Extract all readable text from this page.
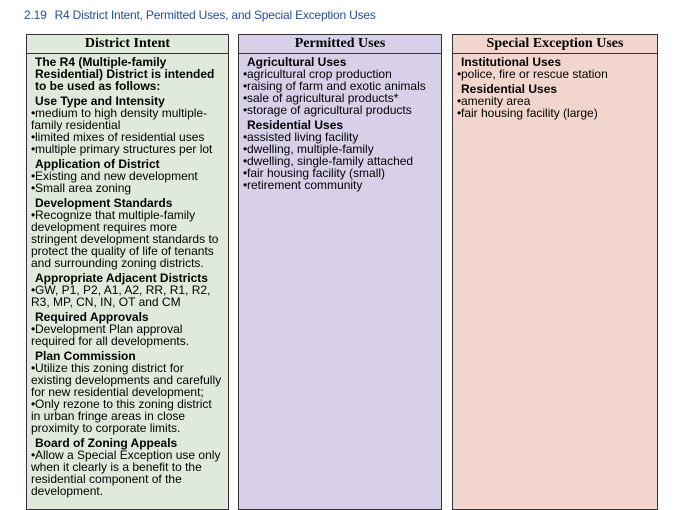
2.19 R4 District Intent, Permitted Uses, and Special Exception Uses
District Intent
The R4 (Multiple-family Residential) District is intended to be used as follows:
Use Type and Intensity
•medium to high density multiple-family residential
•limited mixes of residential uses
•multiple primary structures per lot
Application of District
•Existing and new development
•Small area zoning
Development Standards
•Recognize that multiple-family development requires more stringent development standards to protect the quality of life of tenants and surrounding zoning districts.
Appropriate Adjacent Districts
•GW, P1, P2, A1, A2, RR, R1, R2, R3, MP, CN, IN, OT and CM
Required Approvals
•Development Plan approval required for all developments.
Plan Commission
•Utilize this zoning district for existing developments and carefully for new residential development;
•Only rezone to this zoning district in urban fringe areas in close proximity to corporate limits.
Board of Zoning Appeals
•Allow a Special Exception use only when it clearly is a benefit to the residential component of the development.
Permitted Uses
Agricultural Uses
•agricultural crop production
•raising of farm and exotic animals
•sale of agricultural products*
•storage of agricultural products
Residential Uses
•assisted living facility
•dwelling, multiple-family
•dwelling, single-family attached
•fair housing facility (small)
•retirement community
Special Exception Uses
Institutional Uses
•police, fire or rescue station
Residential Uses
•amenity area
•fair housing facility (large)
